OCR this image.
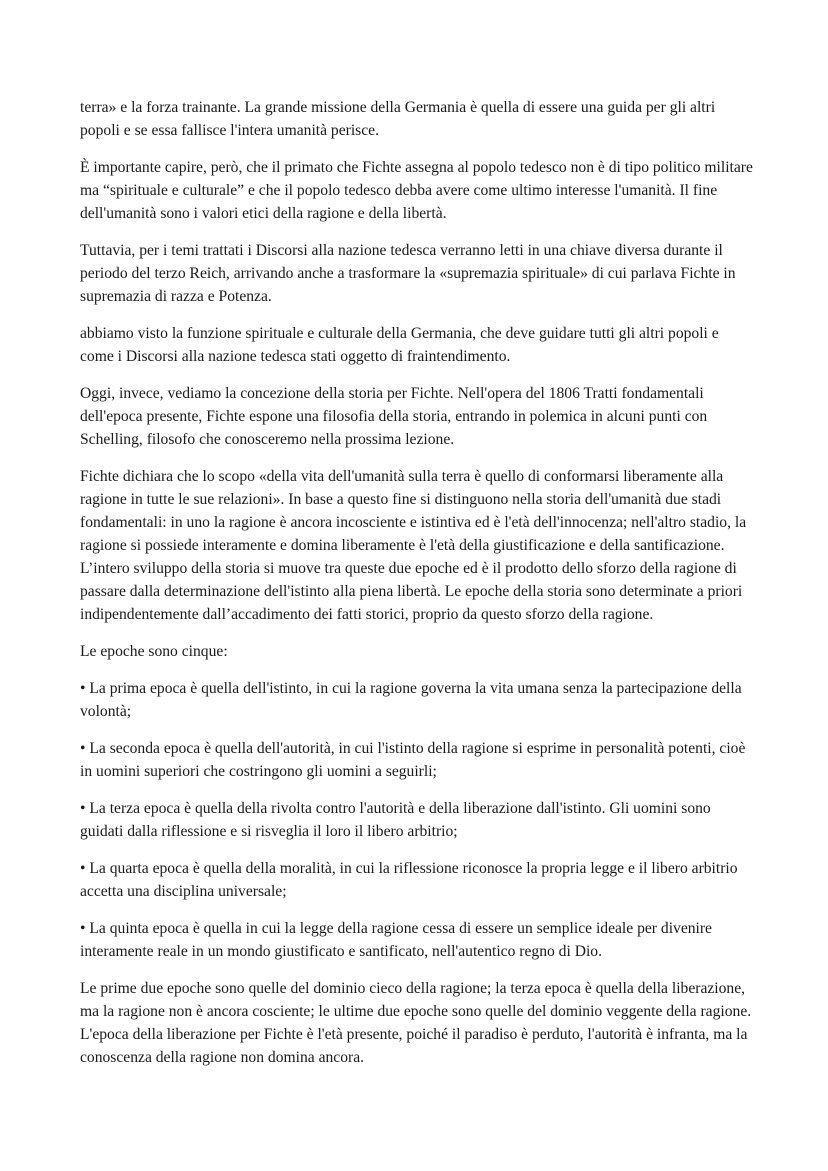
terra» e la forza trainante. La grande missione della Germania è quella di essere una guida per gli altri popoli e se essa fallisce l'intera umanità perisce.

È importante capire, però, che il primato che Fichte assegna al popolo tedesco non è di tipo politico militare ma “spirituale e culturale” e che il popolo tedesco debba avere come ultimo interesse l'umanità. Il fine dell'umanità sono i valori etici della ragione e della libertà.

Tuttavia, per i temi trattati i Discorsi alla nazione tedesca verranno letti in una chiave diversa durante il periodo del terzo Reich, arrivando anche a trasformare la «supremazia spirituale» di cui parlava Fichte in supremazia di razza e Potenza.

abbiamo visto la funzione spirituale e culturale della Germania, che deve guidare tutti gli altri popoli e come i Discorsi alla nazione tedesca stati oggetto di fraintendimento.

Oggi, invece, vediamo la concezione della storia per Fichte. Nell'opera del 1806 Tratti fondamentali dell'epoca presente, Fichte espone una filosofia della storia, entrando in polemica in alcuni punti con Schelling, filosofo che conosceremo nella prossima lezione.

Fichte dichiara che lo scopo «della vita dell'umanità sulla terra è quello di conformarsi liberamente alla ragione in tutte le sue relazioni». In base a questo fine si distinguono nella storia dell'umanità due stadi fondamentali: in uno la ragione è ancora incosciente e istintiva ed è l'età dell'innocenza; nell'altro stadio, la ragione si possiede interamente e domina liberamente è l'età della giustificazione e della santificazione. L’intero sviluppo della storia si muove tra queste due epoche ed è il prodotto dello sforzo della ragione di passare dalla determinazione dell'istinto alla piena libertà. Le epoche della storia sono determinate a priori indipendentemente dall’accadimento dei fatti storici, proprio da questo sforzo della ragione.

Le epoche sono cinque:

• La prima epoca è quella dell'istinto, in cui la ragione governa la vita umana senza la partecipazione della volontà;
• La seconda epoca è quella dell'autorità, in cui l'istinto della ragione si esprime in personalità potenti, cioè in uomini superiori che costringono gli uomini a seguirli;
• La terza epoca è quella della rivolta contro l'autorità e della liberazione dall'istinto. Gli uomini sono guidati dalla riflessione e si risveglia il loro il libero arbitrio;
• La quarta epoca è quella della moralità, in cui la riflessione riconosce la propria legge e il libero arbitrio accetta una disciplina universale;
• La quinta epoca è quella in cui la legge della ragione cessa di essere un semplice ideale per divenire interamente reale in un mondo giustificato e santificato, nell'autentico regno di Dio.

Le prime due epoche sono quelle del dominio cieco della ragione; la terza epoca è quella della liberazione, ma la ragione non è ancora cosciente; le ultime due epoche sono quelle del dominio veggente della ragione. L'epoca della liberazione per Fichte è l'età presente, poiché il paradiso è perduto, l'autorità è infranta, ma la conoscenza della ragione non domina ancora.
